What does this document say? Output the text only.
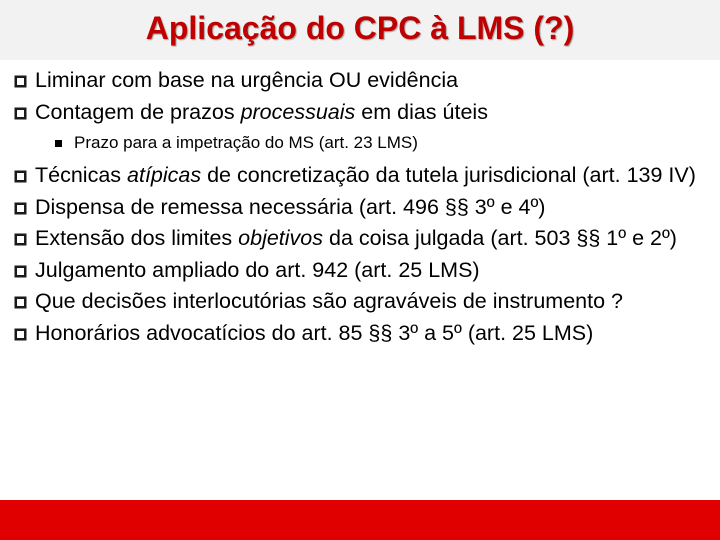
Aplicação do CPC à LMS (?)
Liminar com base na urgência OU evidência
Contagem de prazos processuais em dias úteis
Prazo para a impetração do MS (art. 23 LMS)
Técnicas atípicas de concretização da tutela jurisdicional (art. 139 IV)
Dispensa de remessa necessária (art. 496 §§ 3º e 4º)
Extensão dos limites objetivos da coisa julgada (art. 503 §§ 1º e 2º)
Julgamento ampliado do art. 942 (art. 25 LMS)
Que decisões interlocutórias são agraváveis de instrumento ?
Honorários advocatícios do art. 85 §§ 3º a 5º (art. 25 LMS)
